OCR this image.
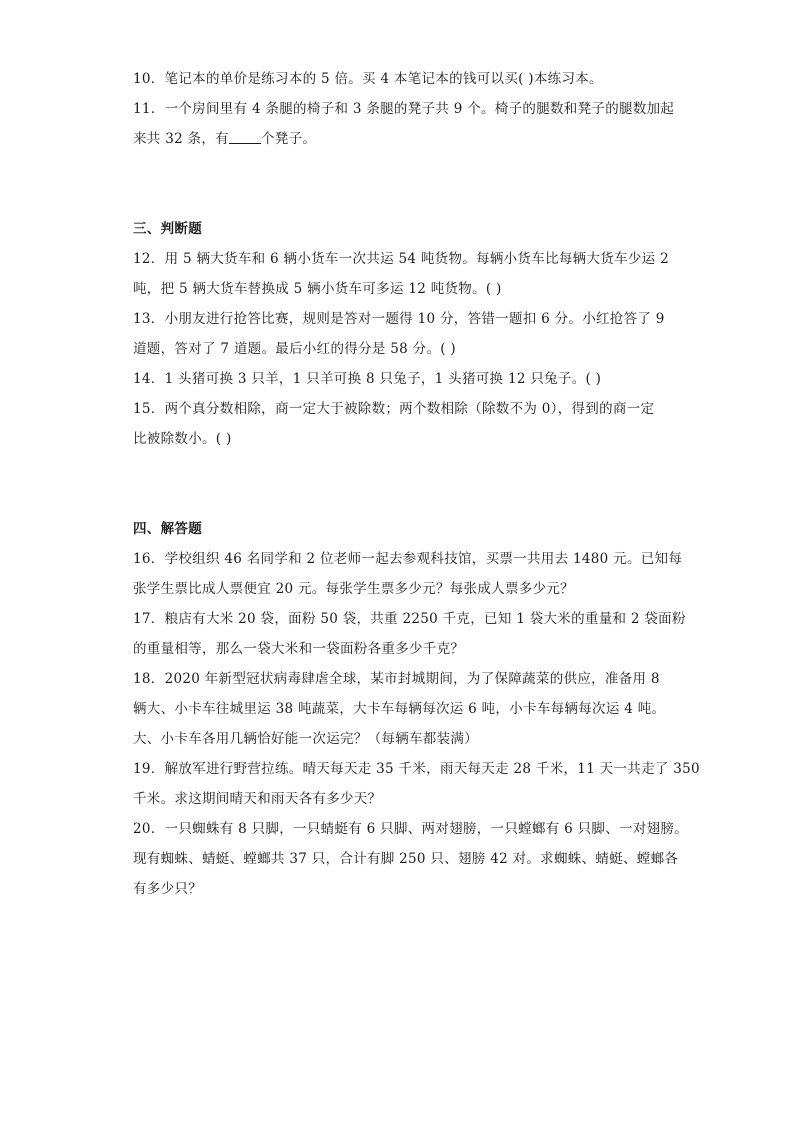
10．笔记本的单价是练习本的 5 倍。买 4 本笔记本的钱可以买( )本练习本。
11．一个房间里有 4 条腿的椅子和 3 条腿的凳子共 9 个。椅子的腿数和凳子的腿数加起
来共 32 条，有 个凳子。
三、判断题
12．用 5 辆大货车和 6 辆小货车一次共运 54 吨货物。每辆小货车比每辆大货车少运 2
吨，把 5 辆大货车替换成 5 辆小货车可多运 12 吨货物。( )
13．小朋友进行抢答比赛，规则是答对一题得 10 分，答错一题扣 6 分。小红抢答了 9
道题，答对了 7 道题。最后小红的得分是 58 分。( )
14．1 头猪可换 3 只羊，1 只羊可换 8 只兔子，1 头猪可换 12 只兔子。( )
15．两个真分数相除，商一定大于被除数；两个数相除（除数不为 0），得到的商一定
比被除数小。( )
四、解答题
16．学校组织 46 名同学和 2 位老师一起去参观科技馆，买票一共用去 1480 元。已知每
张学生票比成人票便宜 20 元。每张学生票多少元？每张成人票多少元？
17．粮店有大米 20 袋，面粉 50 袋，共重 2250 千克，已知 1 袋大米的重量和 2 袋面粉
的重量相等，那么一袋大米和一袋面粉各重多少千克？
18．2020 年新型冠状病毒肆虐全球，某市封城期间，为了保障蔬菜的供应，准备用 8
辆大、小卡车往城里运 38 吨蔬菜，大卡车每辆每次运 6 吨，小卡车每辆每次运 4 吨。
大、小卡车各用几辆恰好能一次运完？（每辆车都装满）
19．解放军进行野营拉练。晴天每天走 35 千米，雨天每天走 28 千米，11 天一共走了 350
千米。求这期间晴天和雨天各有多少天？
20．一只蜘蛛有 8 只脚，一只蜻蜓有 6 只脚、两对翅膀，一只螳螂有 6 只脚、一对翅膀。
现有蜘蛛、蜻蜓、螳螂共 37 只，合计有脚 250 只、翅膀 42 对。求蜘蛛、蜻蜓、螳螂各
有多少只？
